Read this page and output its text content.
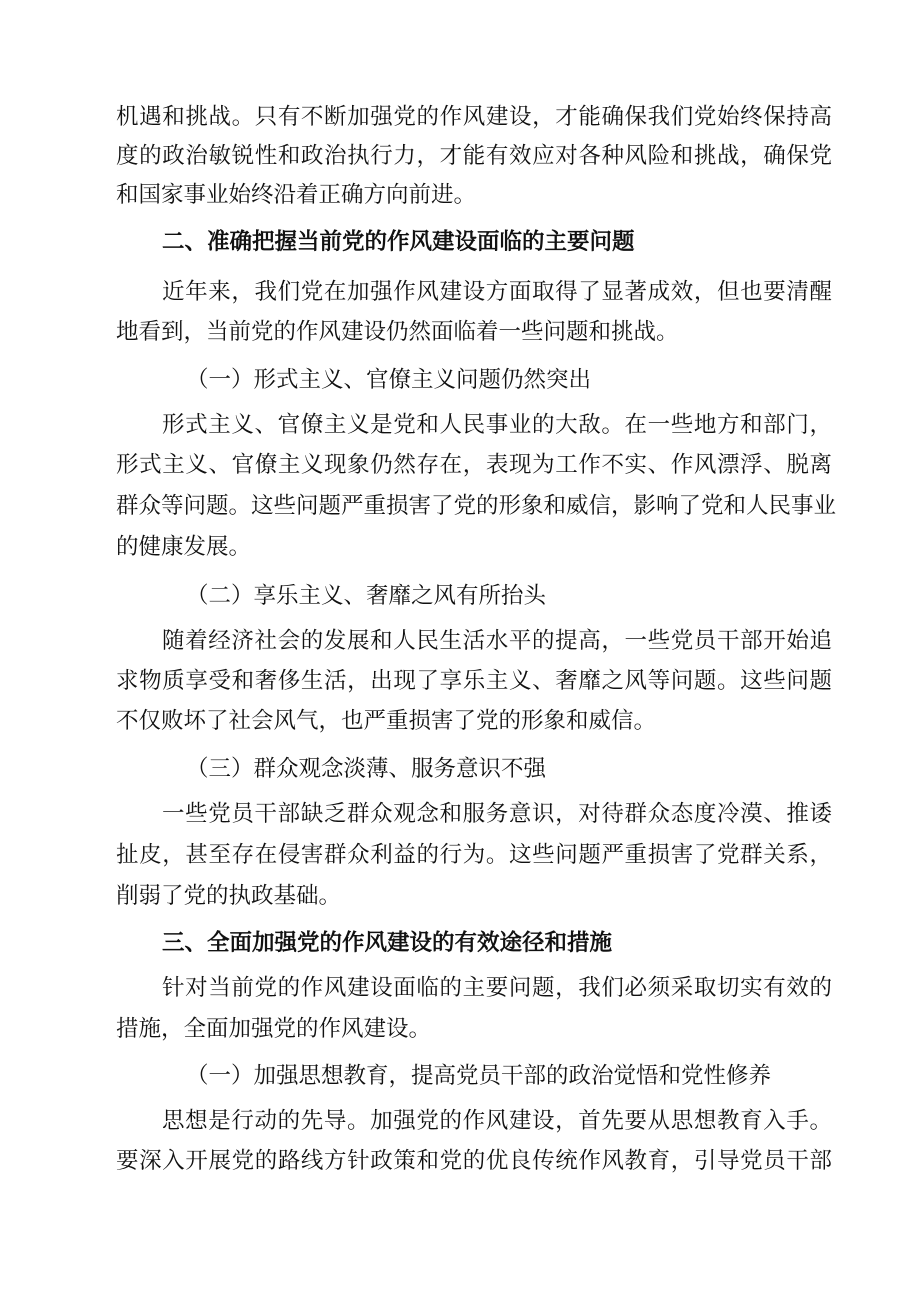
机遇和挑战。只有不断加强党的作风建设，才能确保我们党始终保持高
度的政治敏锐性和政治执行力，才能有效应对各种风险和挑战，确保党
和国家事业始终沿着正确方向前进。
二、准确把握当前党的作风建设面临的主要问题
近年来，我们党在加强作风建设方面取得了显著成效，但也要清醒
地看到，当前党的作风建设仍然面临着一些问题和挑战。
（一）形式主义、官僚主义问题仍然突出
形式主义、官僚主义是党和人民事业的大敌。在一些地方和部门，
形式主义、官僚主义现象仍然存在，表现为工作不实、作风漂浮、脱离
群众等问题。这些问题严重损害了党的形象和威信，影响了党和人民事业
的健康发展。
（二）享乐主义、奢靡之风有所抬头
随着经济社会的发展和人民生活水平的提高，一些党员干部开始追
求物质享受和奢侈生活，出现了享乐主义、奢靡之风等问题。这些问题
不仅败坏了社会风气，也严重损害了党的形象和威信。
（三）群众观念淡薄、服务意识不强
一些党员干部缺乏群众观念和服务意识，对待群众态度冷漠、推诿
扯皮，甚至存在侵害群众利益的行为。这些问题严重损害了党群关系，
削弱了党的执政基础。
三、全面加强党的作风建设的有效途径和措施
针对当前党的作风建设面临的主要问题，我们必须采取切实有效的
措施，全面加强党的作风建设。
（一）加强思想教育，提高党员干部的政治觉悟和党性修养
思想是行动的先导。加强党的作风建设，首先要从思想教育入手。
要深入开展党的路线方针政策和党的优良传统作风教育，引导党员干部
